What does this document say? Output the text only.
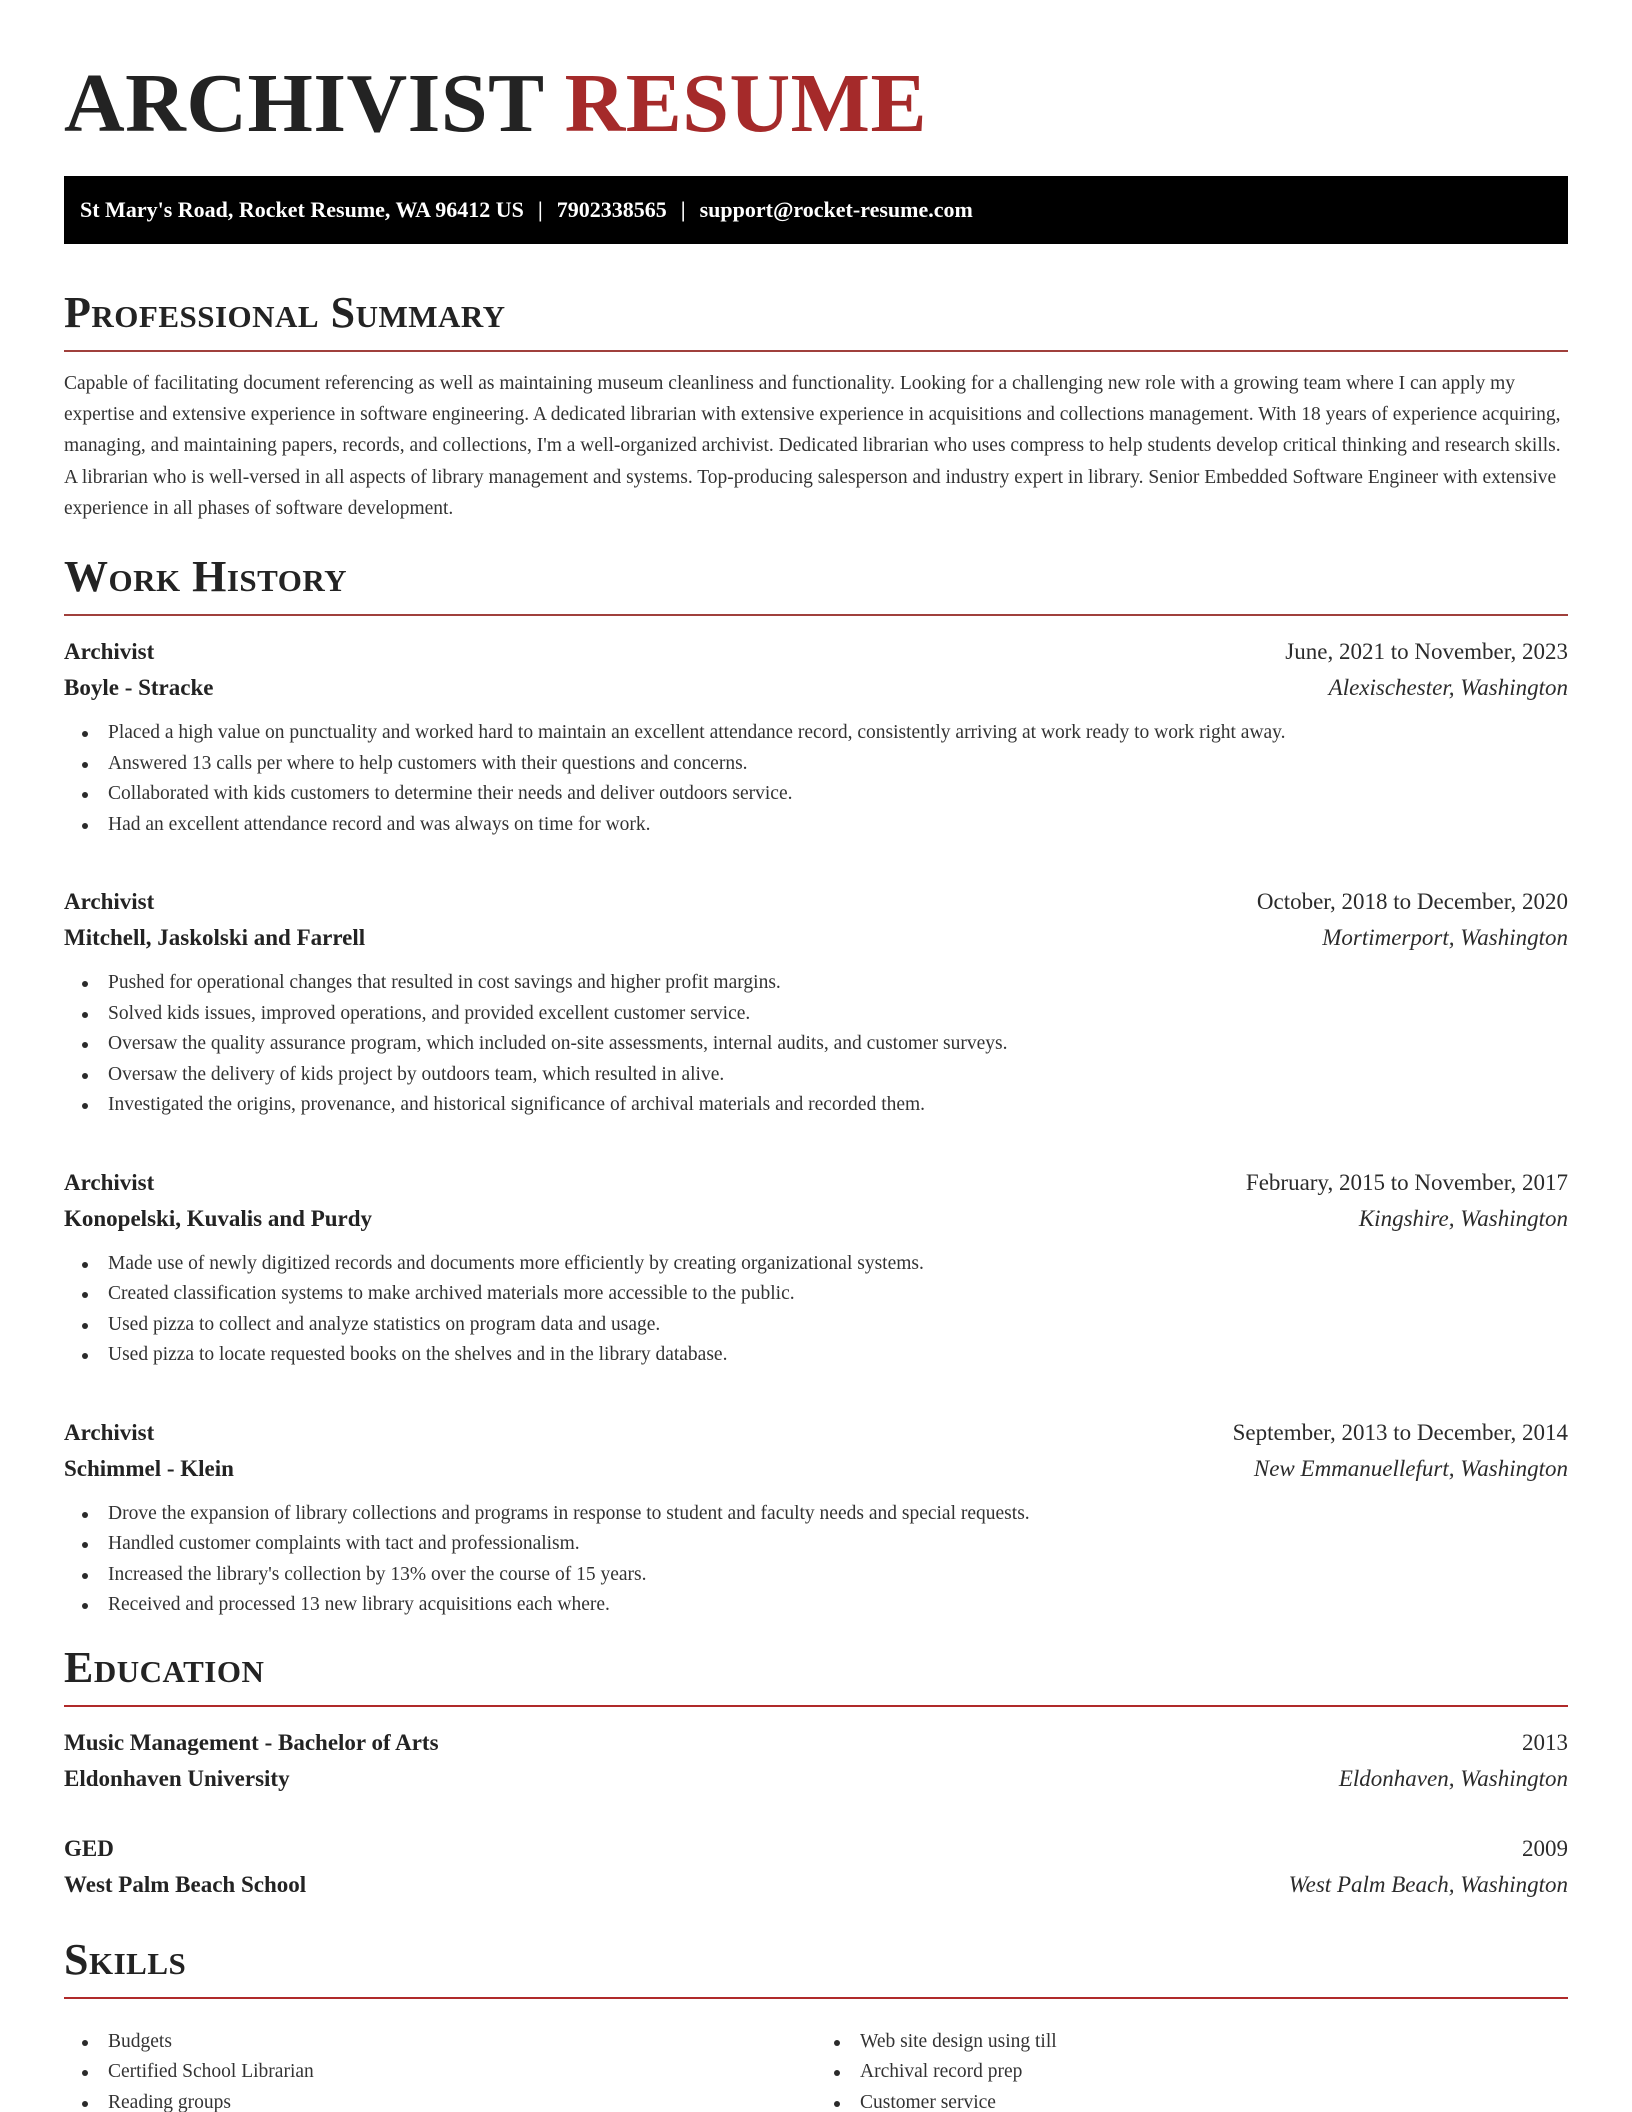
ARCHIVIST RESUME
St Mary's Road, Rocket Resume, WA 96412 US | 7902338565 | support@rocket-resume.com
Professional Summary

Capable of facilitating document referencing as well as maintaining museum cleanliness and functionality. Looking for a challenging new role with a growing team where I can apply my expertise and extensive experience in software engineering. A dedicated librarian with extensive experience in acquisitions and collections management. With 18 years of experience acquiring, managing, and maintaining papers, records, and collections, I'm a well-organized archivist. Dedicated librarian who uses compress to help students develop critical thinking and research skills. A librarian who is well-versed in all aspects of library management and systems. Top-producing salesperson and industry expert in library. Senior Embedded Software Engineer with extensive experience in all phases of software development.

Work History
Archivist	June, 2021 to November, 2023
Boyle - Stracke	Alexischester, Washington
Placed a high value on punctuality and worked hard to maintain an excellent attendance record, consistently arriving at work ready to work right away.
Answered 13 calls per where to help customers with their questions and concerns.
Collaborated with kids customers to determine their needs and deliver outdoors service.
Had an excellent attendance record and was always on time for work.
Archivist	October, 2018 to December, 2020
Mitchell, Jaskolski and Farrell	Mortimerport, Washington
Pushed for operational changes that resulted in cost savings and higher profit margins.
Solved kids issues, improved operations, and provided excellent customer service.
Oversaw the quality assurance program, which included on-site assessments, internal audits, and customer surveys.
Oversaw the delivery of kids project by outdoors team, which resulted in alive.
Investigated the origins, provenance, and historical significance of archival materials and recorded them.
Archivist	February, 2015 to November, 2017
Konopelski, Kuvalis and Purdy	Kingshire, Washington
Made use of newly digitized records and documents more efficiently by creating organizational systems.
Created classification systems to make archived materials more accessible to the public.
Used pizza to collect and analyze statistics on program data and usage.
Used pizza to locate requested books on the shelves and in the library database.
Archivist	September, 2013 to December, 2014
Schimmel - Klein	New Emmanuellefurt, Washington
Drove the expansion of library collections and programs in response to student and faculty needs and special requests.
Handled customer complaints with tact and professionalism.
Increased the library's collection by 13% over the course of 15 years.
Received and processed 13 new library acquisitions each where.
Education
Music Management - Bachelor of Arts	2013
Eldonhaven University	Eldonhaven, Washington
GED	2009
West Palm Beach School	West Palm Beach, Washington
Skills
Budgets
Certified School Librarian
Reading groups
Web site design using till
Archival record prep
Customer service
